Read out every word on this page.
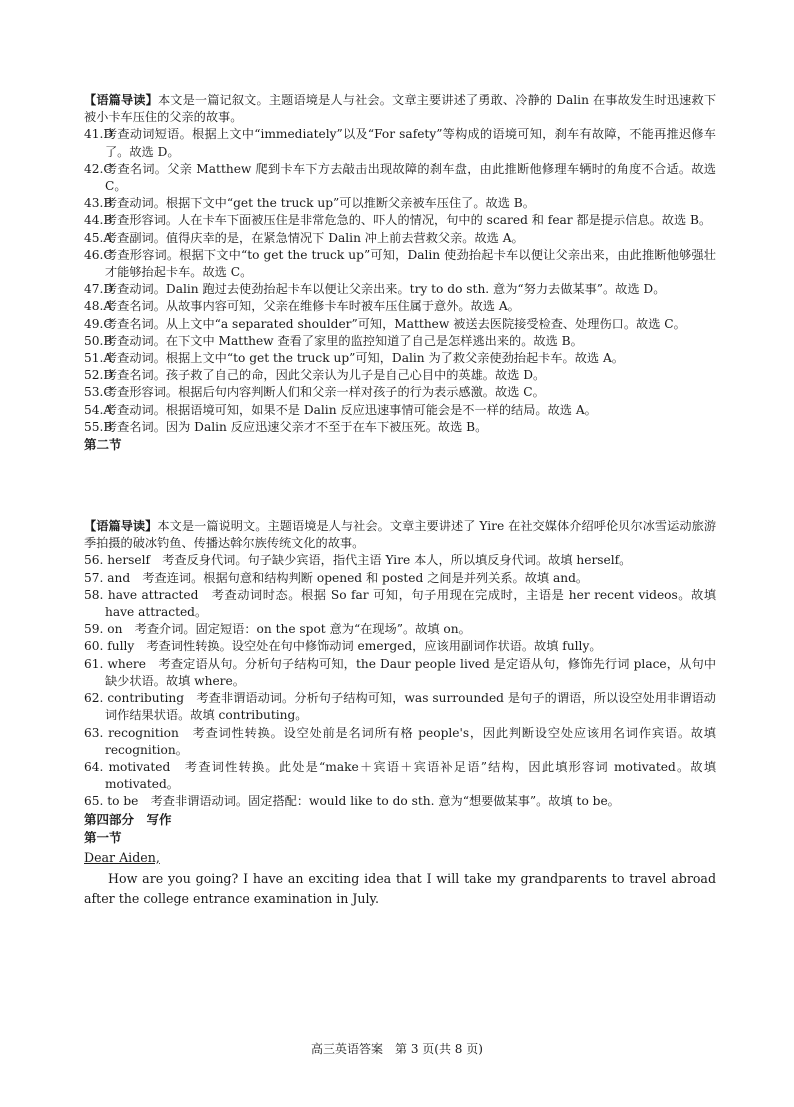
【语篇导读】本文是一篇记叙文。主题语境是人与社会。文章主要讲述了勇敢、冷静的 Dalin 在事故发生时迅速救下被小卡车压住的父亲的故事。

41.D
考查动词短语。根据上文中“immediately”以及“For safety”等构成的语境可知，刹车有故障，不能再推迟修车了。故选 D。

42.C
考查名词。父亲 Matthew 爬到卡车下方去敲击出现故障的刹车盘，由此推断他修理车辆时的角度不合适。故选 C。

43.B
考查动词。根据下文中“get the truck up”可以推断父亲被车压住了。故选 B。

44.B
考查形容词。人在卡车下面被压住是非常危急的、吓人的情况，句中的 scared 和 fear 都是提示信息。故选 B。

45.A
考查副词。值得庆幸的是，在紧急情况下 Dalin 冲上前去营救父亲。故选 A。

46.C
考查形容词。根据下文中“to get the truck up”可知，Dalin 使劲抬起卡车以便让父亲出来，由此推断他够强壮才能够抬起卡车。故选 C。

47.D
考查动词。Dalin 跑过去使劲抬起卡车以便让父亲出来。try to do sth. 意为“努力去做某事”。故选 D。

48.A
考查名词。从故事内容可知，父亲在维修卡车时被车压住属于意外。故选 A。

49.C
考查名词。从上文中“a separated shoulder”可知，Matthew 被送去医院接受检查、处理伤口。故选 C。

50.B
考查动词。在下文中 Matthew 查看了家里的监控知道了自己是怎样逃出来的。故选 B。

51.A
考查动词。根据上文中“to get the truck up”可知，Dalin 为了救父亲使劲抬起卡车。故选 A。

52.D
考查名词。孩子救了自己的命，因此父亲认为儿子是自己心目中的英雄。故选 D。

53.C
考查形容词。根据后句内容判断人们和父亲一样对孩子的行为表示感激。故选 C。

54.A
考查动词。根据语境可知，如果不是 Dalin 反应迅速事情可能会是不一样的结局。故选 A。

55.B
考查名词。因为 Dalin 反应迅速父亲才不至于在车下被压死。故选 B。

第二节

【语篇导读】本文是一篇说明文。主题语境是人与社会。文章主要讲述了 Yire 在社交媒体介绍呼伦贝尔冰雪运动旅游季拍摄的破冰钓鱼、传播达斡尔族传统文化的故事。

56. herself　考查反身代词。句子缺少宾语，指代主语 Yire 本人，所以填反身代词。故填 herself。

57. and　考查连词。根据句意和结构判断 opened 和 posted 之间是并列关系。故填 and。

58. have attracted　考查动词时态。根据 So far 可知，句子用现在完成时，主语是 her recent videos。故填 have attracted。

59. on　考查介词。固定短语：on the spot 意为“在现场”。故填 on。

60. fully　考查词性转换。设空处在句中修饰动词 emerged，应该用副词作状语。故填 fully。

61. where　考查定语从句。分析句子结构可知，the Daur people lived 是定语从句，修饰先行词 place，从句中缺少状语。故填 where。

62. contributing　考查非谓语动词。分析句子结构可知，was surrounded 是句子的谓语，所以设空处用非谓语动词作结果状语。故填 contributing。

63. recognition　考查词性转换。设空处前是名词所有格 people's，因此判断设空处应该用名词作宾语。故填 recognition。

64. motivated　考查词性转换。此处是“make＋宾语＋宾语补足语”结构，因此填形容词 motivated。故填 motivated。

65. to be　考查非谓语动词。固定搭配：would like to do sth. 意为“想要做某事”。故填 to be。

第四部分　写作

第一节

Dear Aiden,

How are you going? I have an exciting idea that I will take my grandparents to travel abroad after the college entrance examination in July.

高三英语答案　第 3 页(共 8 页)
